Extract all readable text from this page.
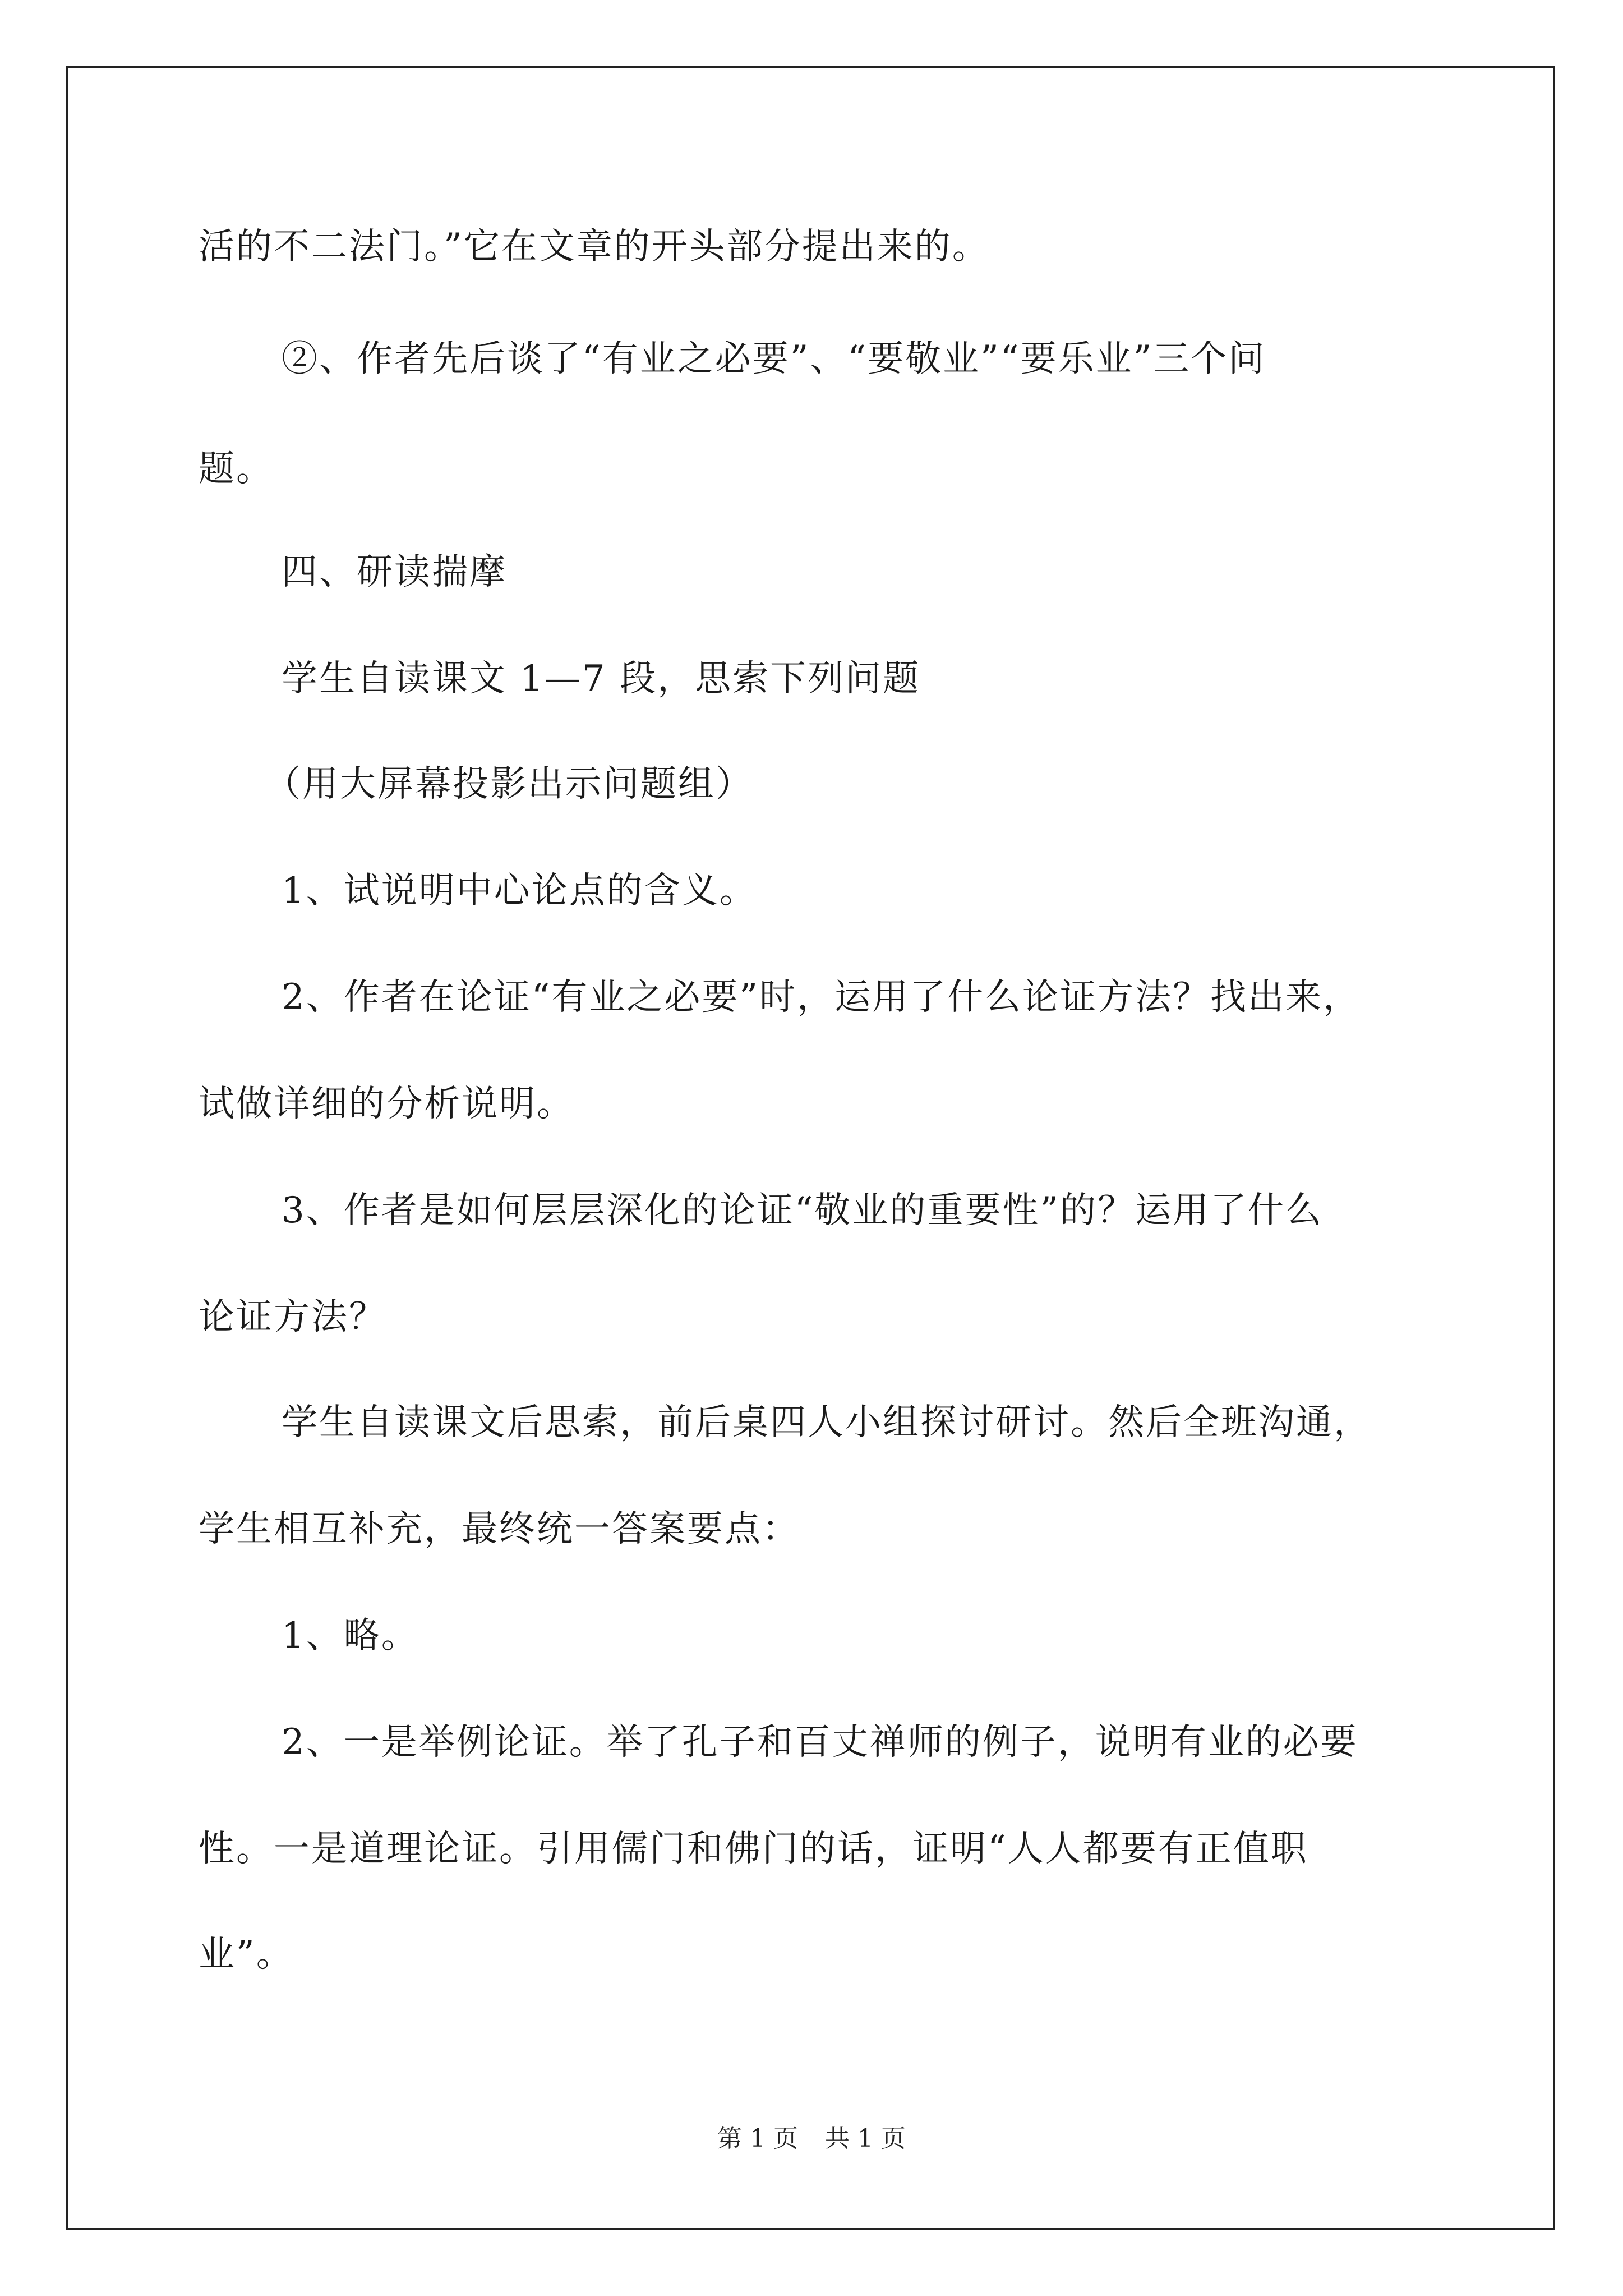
活的不二法门。”它在文章的开头部分提出来的。
②、作者先后谈了“有业之必要”、“要敬业”“要乐业”三个问
题。
四、研读揣摩
学生自读课文 1—7 段，思索下列问题
（用大屏幕投影出示问题组）
1、试说明中心论点的含义。
2、作者在论证“有业之必要”时，运用了什么论证方法？找出来，
试做详细的分析说明。
3、作者是如何层层深化的论证“敬业的重要性”的？运用了什么
论证方法？
学生自读课文后思索，前后桌四人小组探讨研讨。然后全班沟通，
学生相互补充，最终统一答案要点：
1、略。
2、一是举例论证。举了孔子和百丈禅师的例子，说明有业的必要
性。一是道理论证。引用儒门和佛门的话，证明“人人都要有正值职
业”。
第 1 页 共 1 页
